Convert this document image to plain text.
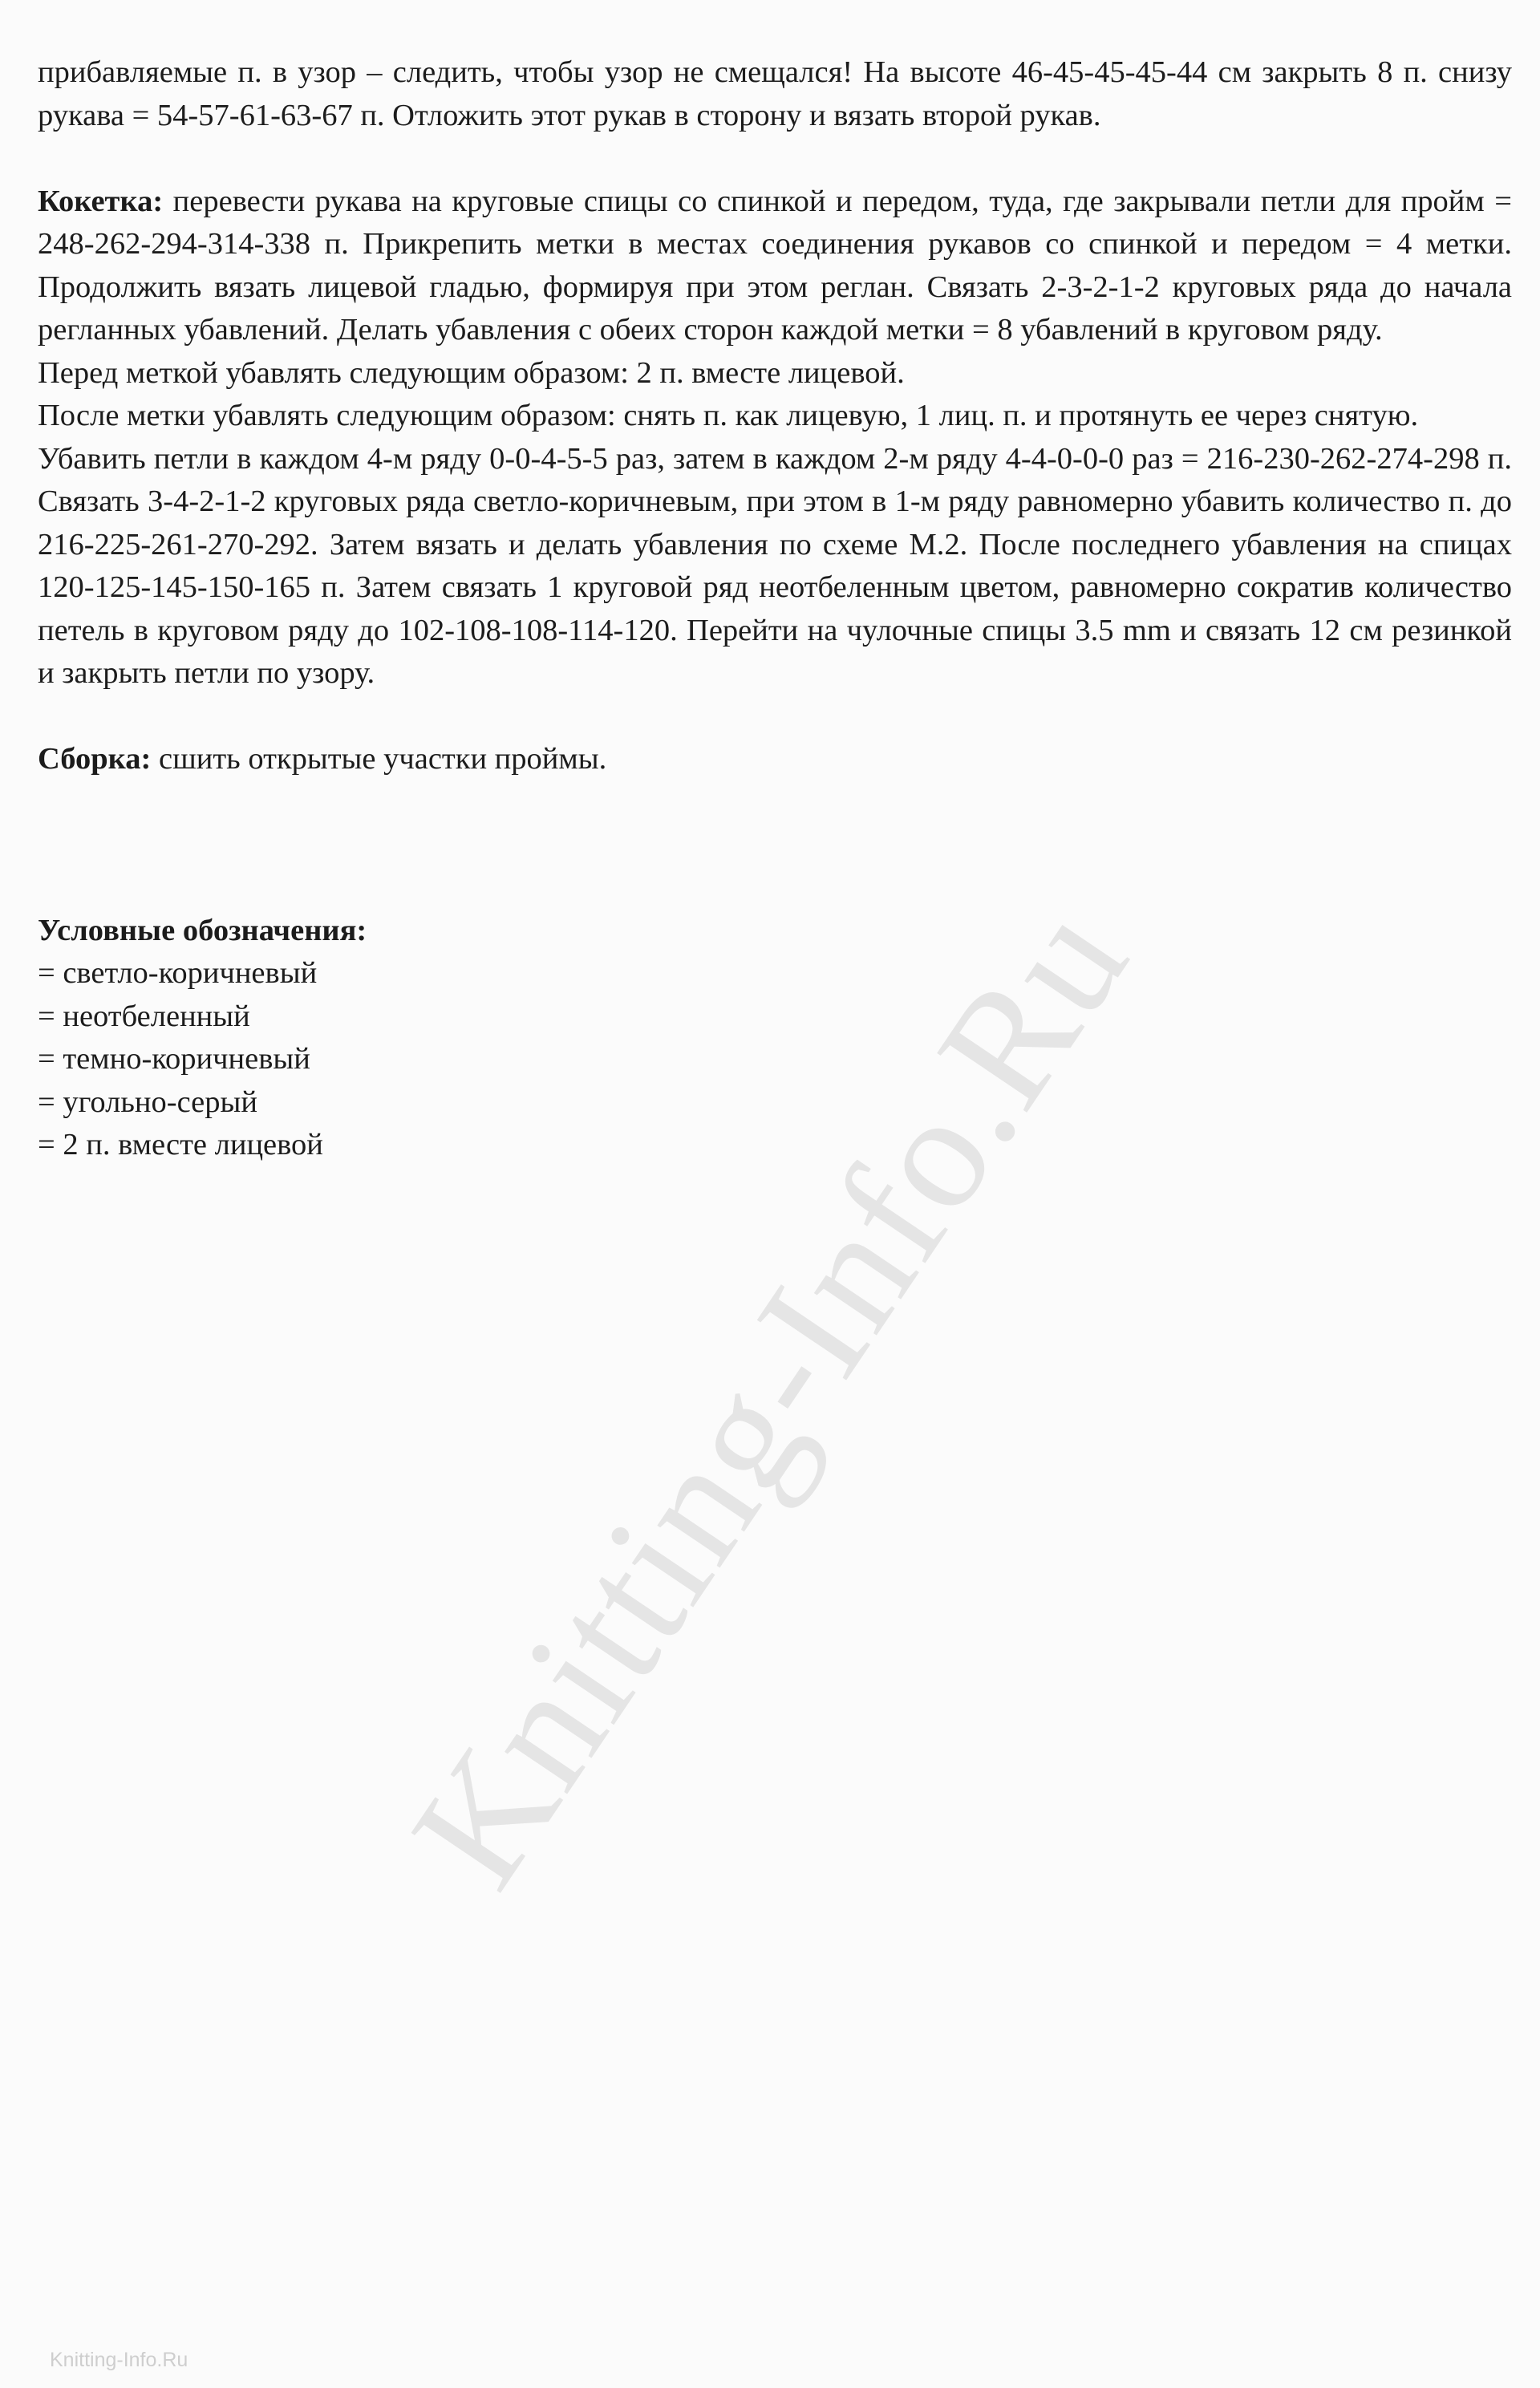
Knitting-Info.Ru

прибавляемые п. в узор – следить, чтобы узор не смещался! На высоте 46-45-45-45-44 см закрыть 8 п. снизу рукава = 54-57-61-63-67 п. Отложить этот рукав в сторону и вязать второй рукав.

Кокетка: перевести рукава на круговые спицы со спинкой и передом, туда, где закрывали петли для пройм = 248-262-294-314-338 п. Прикрепить метки в местах соединения рукавов со спинкой и передом = 4 метки. Продолжить вязать лицевой гладью, формируя при этом реглан. Связать 2-3-2-1-2 круговых ряда до начала регланных убавлений. Делать убавления с обеих сторон каждой метки = 8 убавлений в круговом ряду.

Перед меткой убавлять следующим образом: 2 п. вместе лицевой.

После метки убавлять следующим образом: снять п. как лицевую, 1 лиц. п. и протянуть ее через снятую.

Убавить петли в каждом 4-м ряду 0-0-4-5-5 раз, затем в каждом 2-м ряду 4-4-0-0-0 раз = 216-230-262-274-298 п. Связать 3-4-2-1-2 круговых ряда светло-коричневым, при этом в 1-м ряду равномерно убавить количество п. до 216-225-261-270-292. Затем вязать и делать убавления по схеме М.2. После последнего убавления на спицах 120-125-145-150-165 п. Затем связать 1 круговой ряд неотбеленным цветом, равномерно сократив количество петель в круговом ряду до 102-108-108-114-120. Перейти на чулочные спицы 3.5 mm и связать 12 см резинкой и закрыть петли по узору.

Сборка: сшить открытые участки проймы.

Условные обозначения:

= светло-коричневый

= неотбеленный

= темно-коричневый

= угольно-серый

= 2 п. вместе лицевой

Knitting-Info.Ru
